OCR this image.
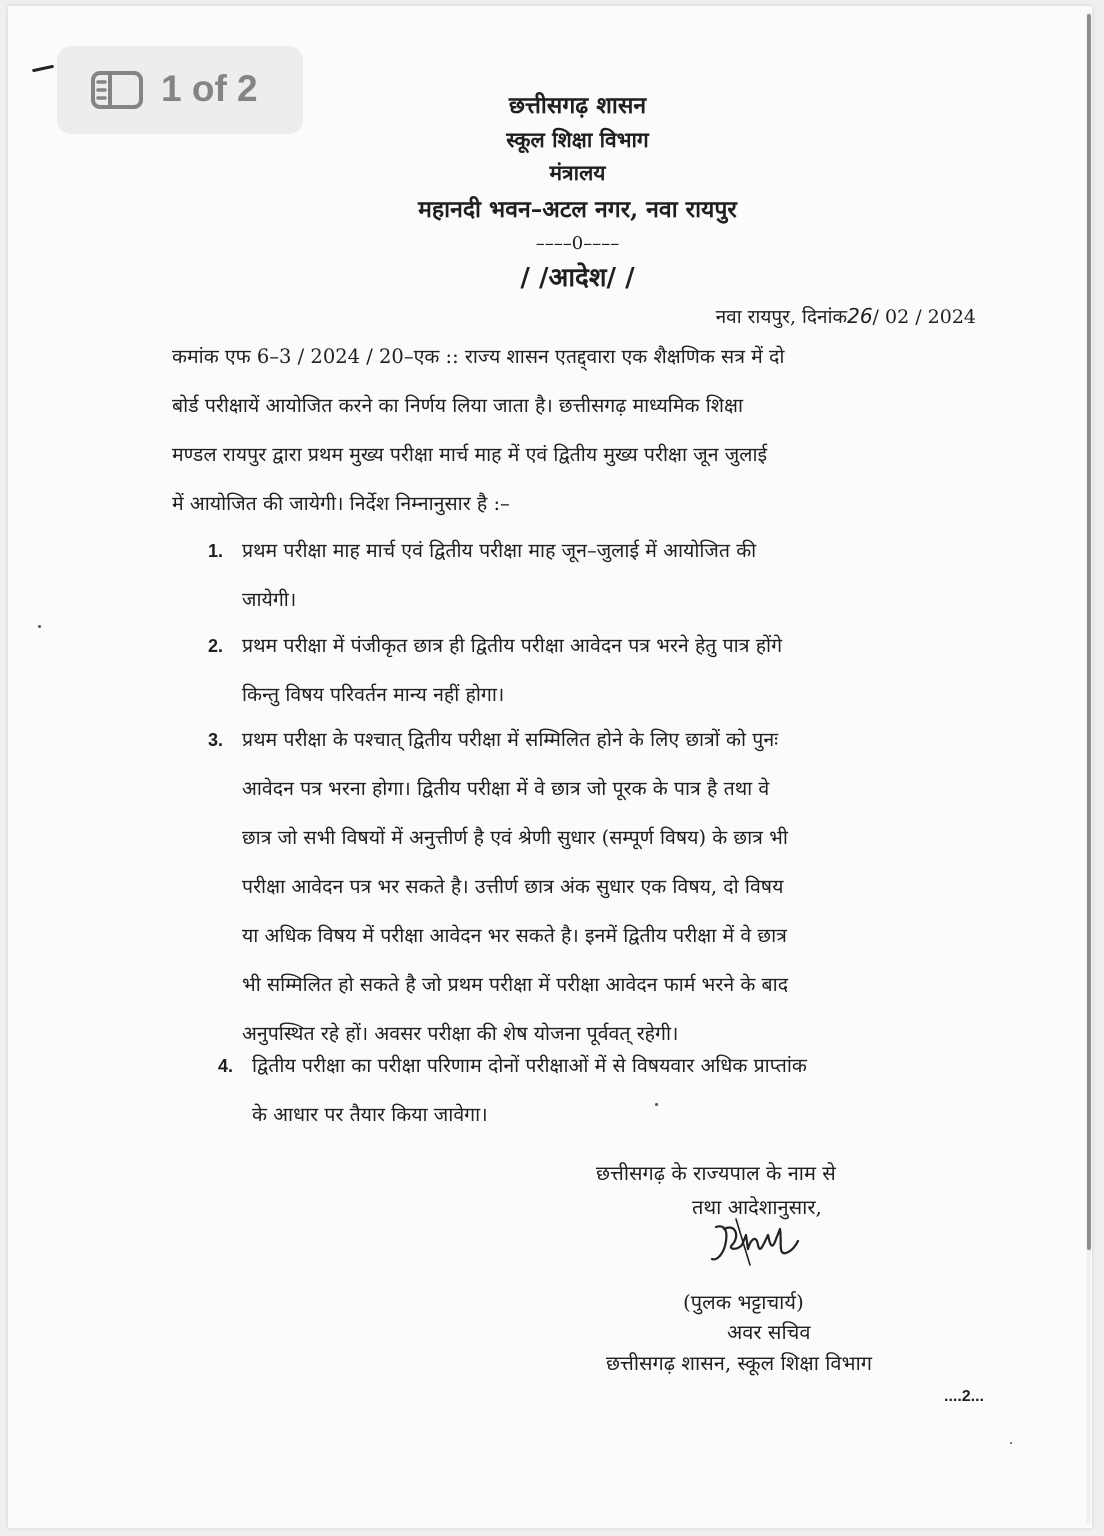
1 of 2	छत्तीसगढ़ शासन
स्कूल शिक्षा विभाग
मंत्रालय
महानदी भवन–अटल नगर, नवा रायपुर
––––0––––
/ /आदेश/ /
नवा रायपुर, दिनांक26/ 02 / 2024
कमांक एफ 6–3 / 2024 / 20–एक :: राज्य शासन एतद्द्वारा एक शैक्षणिक सत्र में दो
बोर्ड परीक्षायें आयोजित करने का निर्णय लिया जाता है। छत्तीसगढ़ माध्यमिक शिक्षा
मण्डल रायपुर द्वारा प्रथम मुख्य परीक्षा मार्च माह में एवं द्वितीय मुख्य परीक्षा जून जुलाई
में आयोजित की जायेगी। निर्देश निम्नानुसार है :–
1. प्रथम परीक्षा माह मार्च एवं द्वितीय परीक्षा माह जून–जुलाई में आयोजित की
जायेगी।
2. प्रथम परीक्षा में पंजीकृत छात्र ही द्वितीय परीक्षा आवेदन पत्र भरने हेतु पात्र होंगे
किन्तु विषय परिवर्तन मान्य नहीं होगा।
3. प्रथम परीक्षा के पश्चात् द्वितीय परीक्षा में सम्मिलित होने के लिए छात्रों को पुनः
आवेदन पत्र भरना होगा। द्वितीय परीक्षा में वे छात्र जो पूरक के पात्र है तथा वे
छात्र जो सभी विषयों में अनुत्तीर्ण है एवं श्रेणी सुधार (सम्पूर्ण विषय) के छात्र भी
परीक्षा आवेदन पत्र भर सकते है। उत्तीर्ण छात्र अंक सुधार एक विषय, दो विषय
या अधिक विषय में परीक्षा आवेदन भर सकते है। इनमें द्वितीय परीक्षा में वे छात्र
भी सम्मिलित हो सकते है जो प्रथम परीक्षा में परीक्षा आवेदन फार्म भरने के बाद
अनुपस्थित रहे हों। अवसर परीक्षा की शेष योजना पूर्ववत् रहेगी।
4. द्वितीय परीक्षा का परीक्षा परिणाम दोनों परीक्षाओं में से विषयवार अधिक प्राप्तांक
के आधार पर तैयार किया जावेगा।
छत्तीसगढ़ के राज्यपाल के नाम से
तथा आदेशानुसार,
(पुलक भट्टाचार्य)
अवर सचिव
छत्तीसगढ़ शासन, स्कूल शिक्षा विभाग
....2...
